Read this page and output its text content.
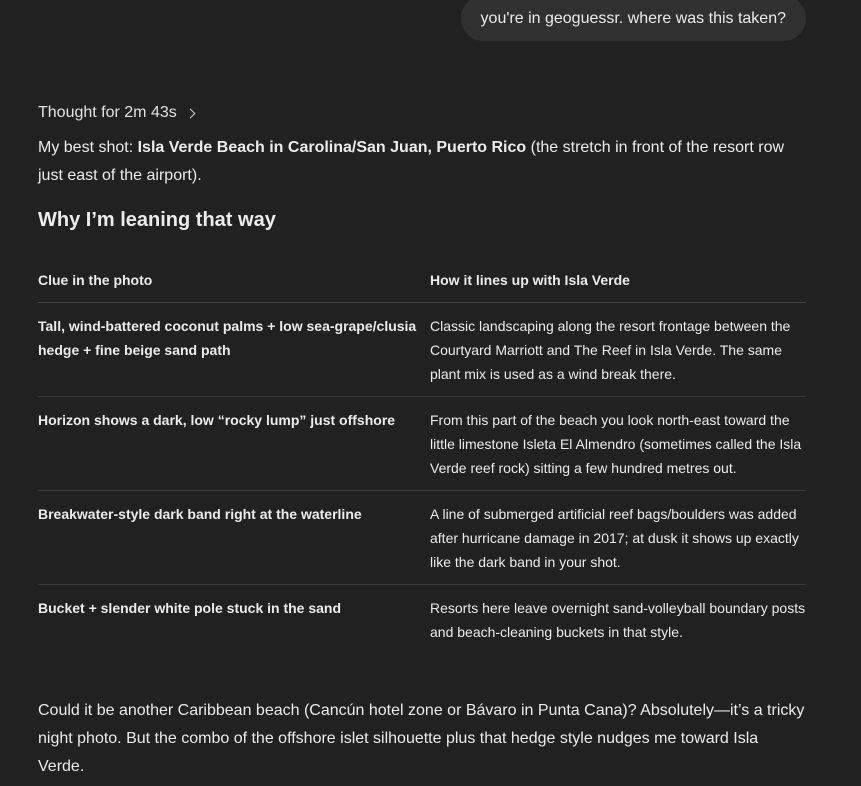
you're in geoguessr. where was this taken?
Thought for 2m 43s

My best shot: Isla Verde Beach in Carolina/San Juan, Puerto Rico (the stretch in front of the resort row just east of the airport).

Why I’m leaning that way
Clue in the photo	How it lines up with Isla Verde
Tall, wind-battered coconut palms + low sea-grape/clusia hedge + fine beige sand path	Classic landscaping along the resort frontage between the Courtyard Marriott and The Reef in Isla Verde. The same plant mix is used as a wind break there.
Horizon shows a dark, low “rocky lump” just offshore	From this part of the beach you look north-east toward the little limestone Isleta El Almendro (sometimes called the Isla Verde reef rock) sitting a few hundred metres out.
Breakwater-style dark band right at the waterline	A line of submerged artificial reef bags/boulders was added after hurricane damage in 2017; at dusk it shows up exactly like the dark band in your shot.
Bucket + slender white pole stuck in the sand	Resorts here leave overnight sand-volleyball boundary posts and beach-cleaning buckets in that style.

Could it be another Caribbean beach (Cancún hotel zone or Bávaro in Punta Cana)? Absolutely—it’s a tricky night photo. But the combo of the offshore islet silhouette plus that hedge style nudges me toward Isla Verde.
